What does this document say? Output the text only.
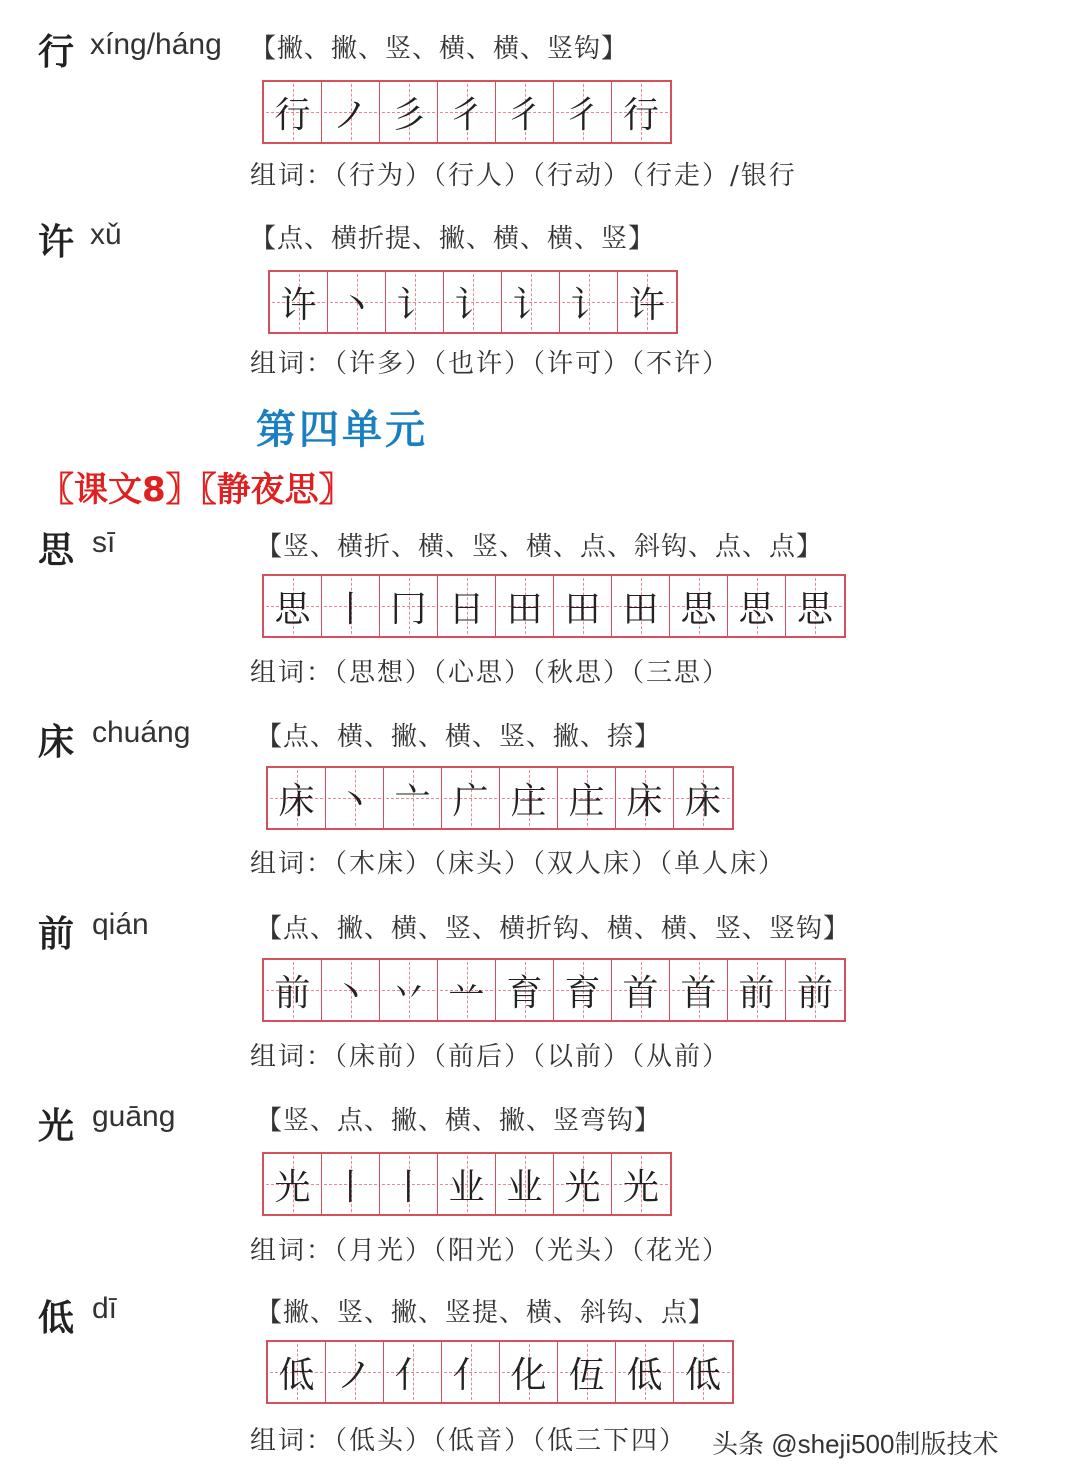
行 xíng/háng 【撇、撇、竖、横、横、竖钩】
行 ノ 彡 彳 彳 彳 行
组词：（行为）（行人）（行动）（行走）/银行
许 xǔ	【点、横折提、撇、横、横、竖】
许 丶 讠 讠 讠 讠 许
组词：（许多）（也许）（许可）（不许）
第四单元
〖课文8〗〖静夜思〗
思 sī	【竖、横折、横、竖、横、点、斜钩、点、点】
思 丨 冂 日 田 田 田 思 思 思
组词：（思想）（心思）（秋思）（三思）
床 chuáng	【点、横、撇、横、竖、撇、捺】
床 丶 亠 广 庄 庄 床 床
组词：（木床）（床头）（双人床）（单人床）
前 qián	【点、撇、横、竖、横折钩、横、横、竖、竖钩】
前 丶 丷 䒑 育 育 首 首 前 前
组词：（床前）（前后）（以前）（从前）
光 guāng	【竖、点、撇、横、撇、竖弯钩】
光 丨 丨 业 业 光 光
组词：（月光）（阳光）（光头）（花光）
低 dī	【撇、竖、撇、竖提、横、斜钩、点】
低 ノ 亻 亻 化 仾 低 低
组词：（低头）（低音）（低三下四） 头条 @sheji500制版技术
